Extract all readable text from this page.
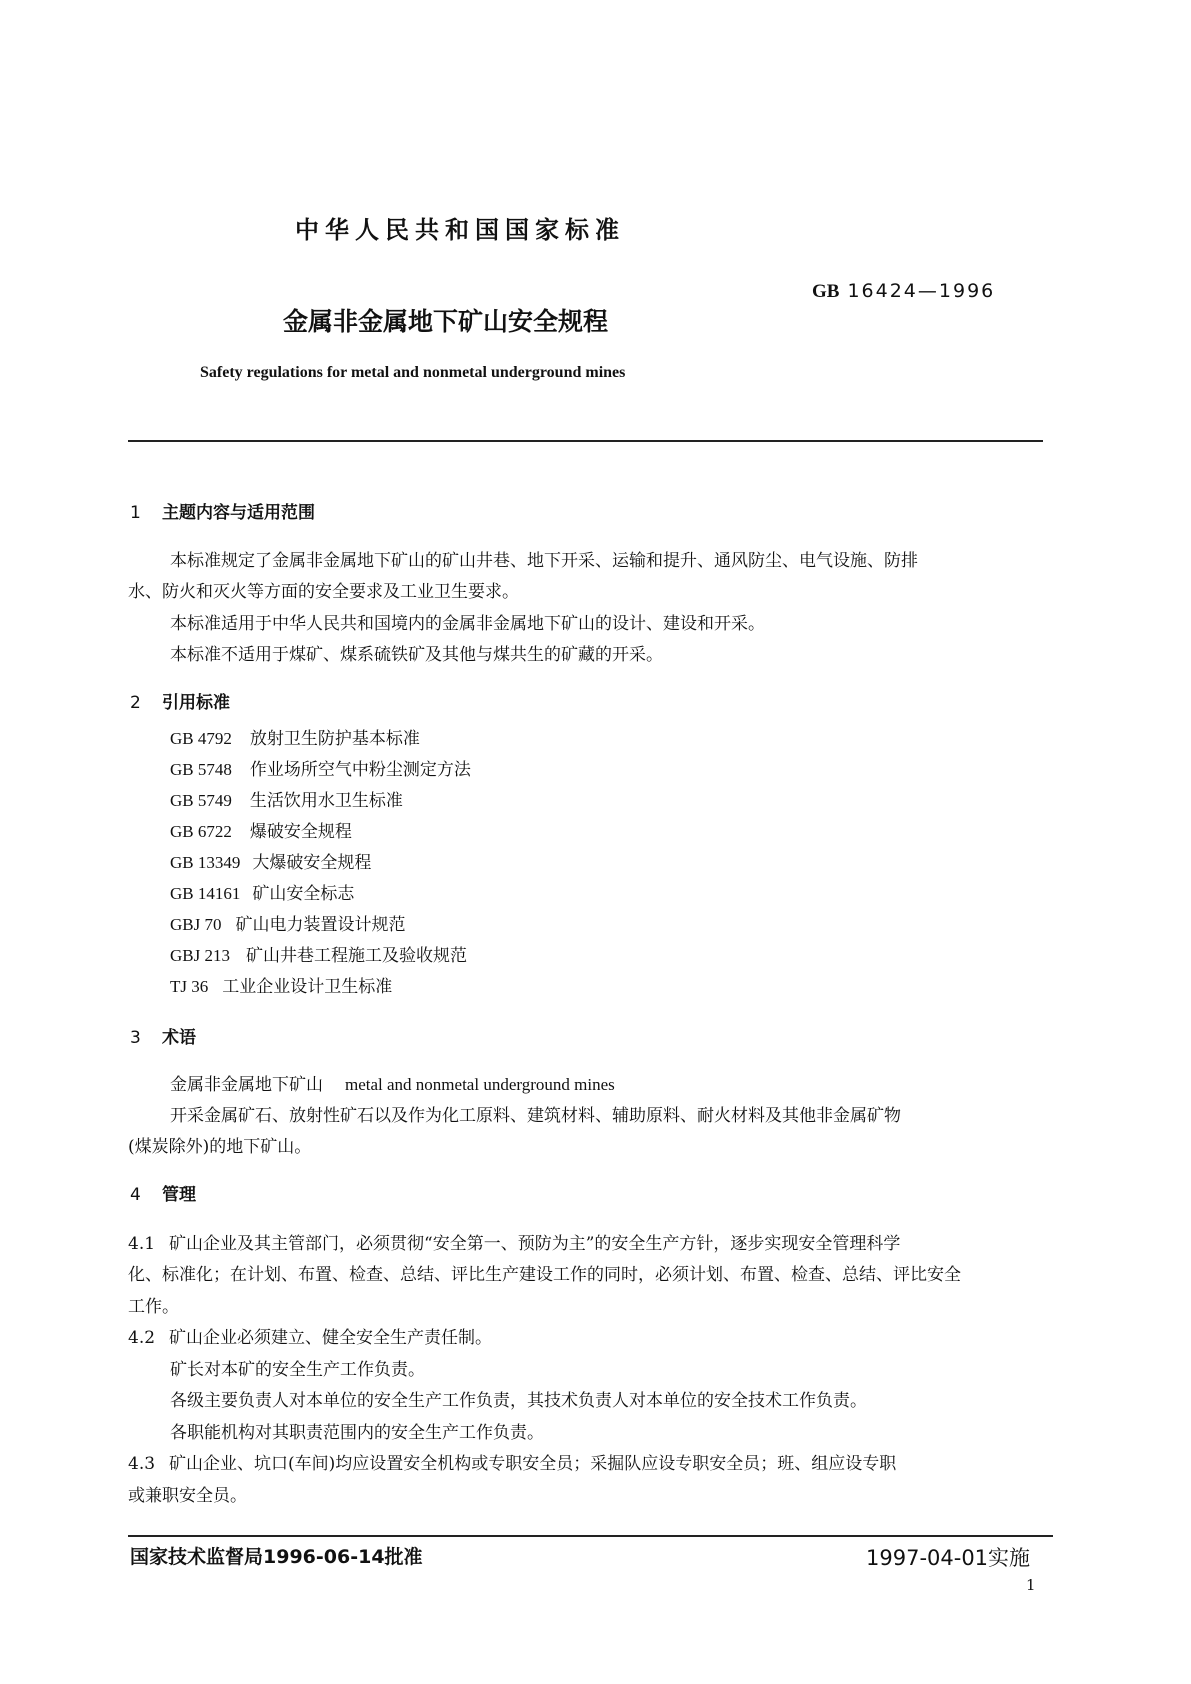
中华人民共和国国家标准
GB 16424—1996
金属非金属地下矿山安全规程
Safety regulations for metal and nonmetal underground mines
1 主题内容与适用范围
本标准规定了金属非金属地下矿山的矿山井巷、地下开采、运输和提升、通风防尘、电气设施、防排
水、防火和灭火等方面的安全要求及工业卫生要求。
本标准适用于中华人民共和国境内的金属非金属地下矿山的设计、建设和开采。
本标准不适用于煤矿、煤系硫铁矿及其他与煤共生的矿藏的开采。
2 引用标准
GB 4792 放射卫生防护基本标准
GB 5748 作业场所空气中粉尘测定方法
GB 5749 生活饮用水卫生标准
GB 6722 爆破安全规程
GB 13349 大爆破安全规程
GB 14161 矿山安全标志
GBJ 70 矿山电力装置设计规范
GBJ 213 矿山井巷工程施工及验收规范
TJ 36 工业企业设计卫生标准
3 术语
金属非金属地下矿山 metal and nonmetal underground mines
开采金属矿石、放射性矿石以及作为化工原料、建筑材料、辅助原料、耐火材料及其他非金属矿物
(煤炭除外)的地下矿山。
4 管理
4.1 矿山企业及其主管部门，必须贯彻“安全第一、预防为主”的安全生产方针，逐步实现安全管理科学
化、标准化；在计划、布置、检查、总结、评比生产建设工作的同时，必须计划、布置、检查、总结、评比安全
工作。
4.2 矿山企业必须建立、健全安全生产责任制。
矿长对本矿的安全生产工作负责。
各级主要负责人对本单位的安全生产工作负责，其技术负责人对本单位的安全技术工作负责。
各职能机构对其职责范围内的安全生产工作负责。
4.3 矿山企业、坑口(车间)均应设置安全机构或专职安全员；采掘队应设专职安全员；班、组应设专职
或兼职安全员。
国家技术监督局1996-06-14批准	1997-04-01实施
1
